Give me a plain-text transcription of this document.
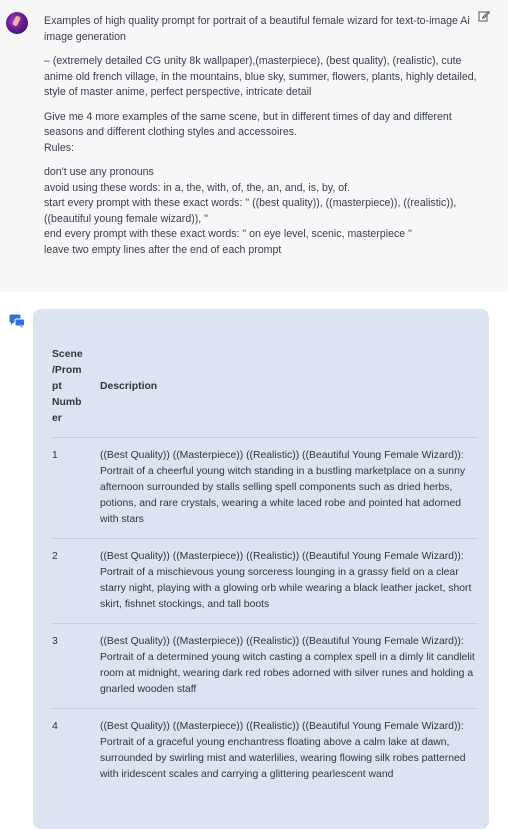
Examples of high quality prompt for portrait of a beautiful female wizard for text-to-image Ai image generation

– (extremely detailed CG unity 8k wallpaper),(masterpiece), (best quality), (realistic), cute anime old french village, in the mountains, blue sky, summer, flowers, plants, highly detailed, style of master anime, perfect perspective, intricate detail

Give me 4 more examples of the same scene, but in different times of day and different seasons and different clothing styles and accessoires.

Rules:

don't use any pronouns

avoid using these words: in a, the, with, of, the, an, and, is, by, of.

start every prompt with these exact words: " ((best quality)), ((masterpiece)), ((realistic)), ((beautiful young female wizard)), "

end every prompt with these exact words: " on eye level, scenic, masterpiece "

leave two empty lines after the end of each prompt

Scene
/Prom
pt
Numb
er	Description
1	((Best Quality)) ((Masterpiece)) ((Realistic)) ((Beautiful Young Female Wizard)): Portrait of a cheerful young witch standing in a bustling marketplace on a sunny afternoon surrounded by stalls selling spell components such as dried herbs, potions, and rare crystals, wearing a white laced robe and pointed hat adorned with stars
2	((Best Quality)) ((Masterpiece)) ((Realistic)) ((Beautiful Young Female Wizard)): Portrait of a mischievous young sorceress lounging in a grassy field on a clear starry night, playing with a glowing orb while wearing a black leather jacket, short skirt, fishnet stockings, and tall boots
3	((Best Quality)) ((Masterpiece)) ((Realistic)) ((Beautiful Young Female Wizard)): Portrait of a determined young witch casting a complex spell in a dimly lit candlelit room at midnight, wearing dark red robes adorned with silver runes and holding a gnarled wooden staff
4	((Best Quality)) ((Masterpiece)) ((Realistic)) ((Beautiful Young Female Wizard)): Portrait of a graceful young enchantress floating above a calm lake at dawn, surrounded by swirling mist and waterlilies, wearing flowing silk robes patterned with iridescent scales and carrying a glittering pearlescent wand
